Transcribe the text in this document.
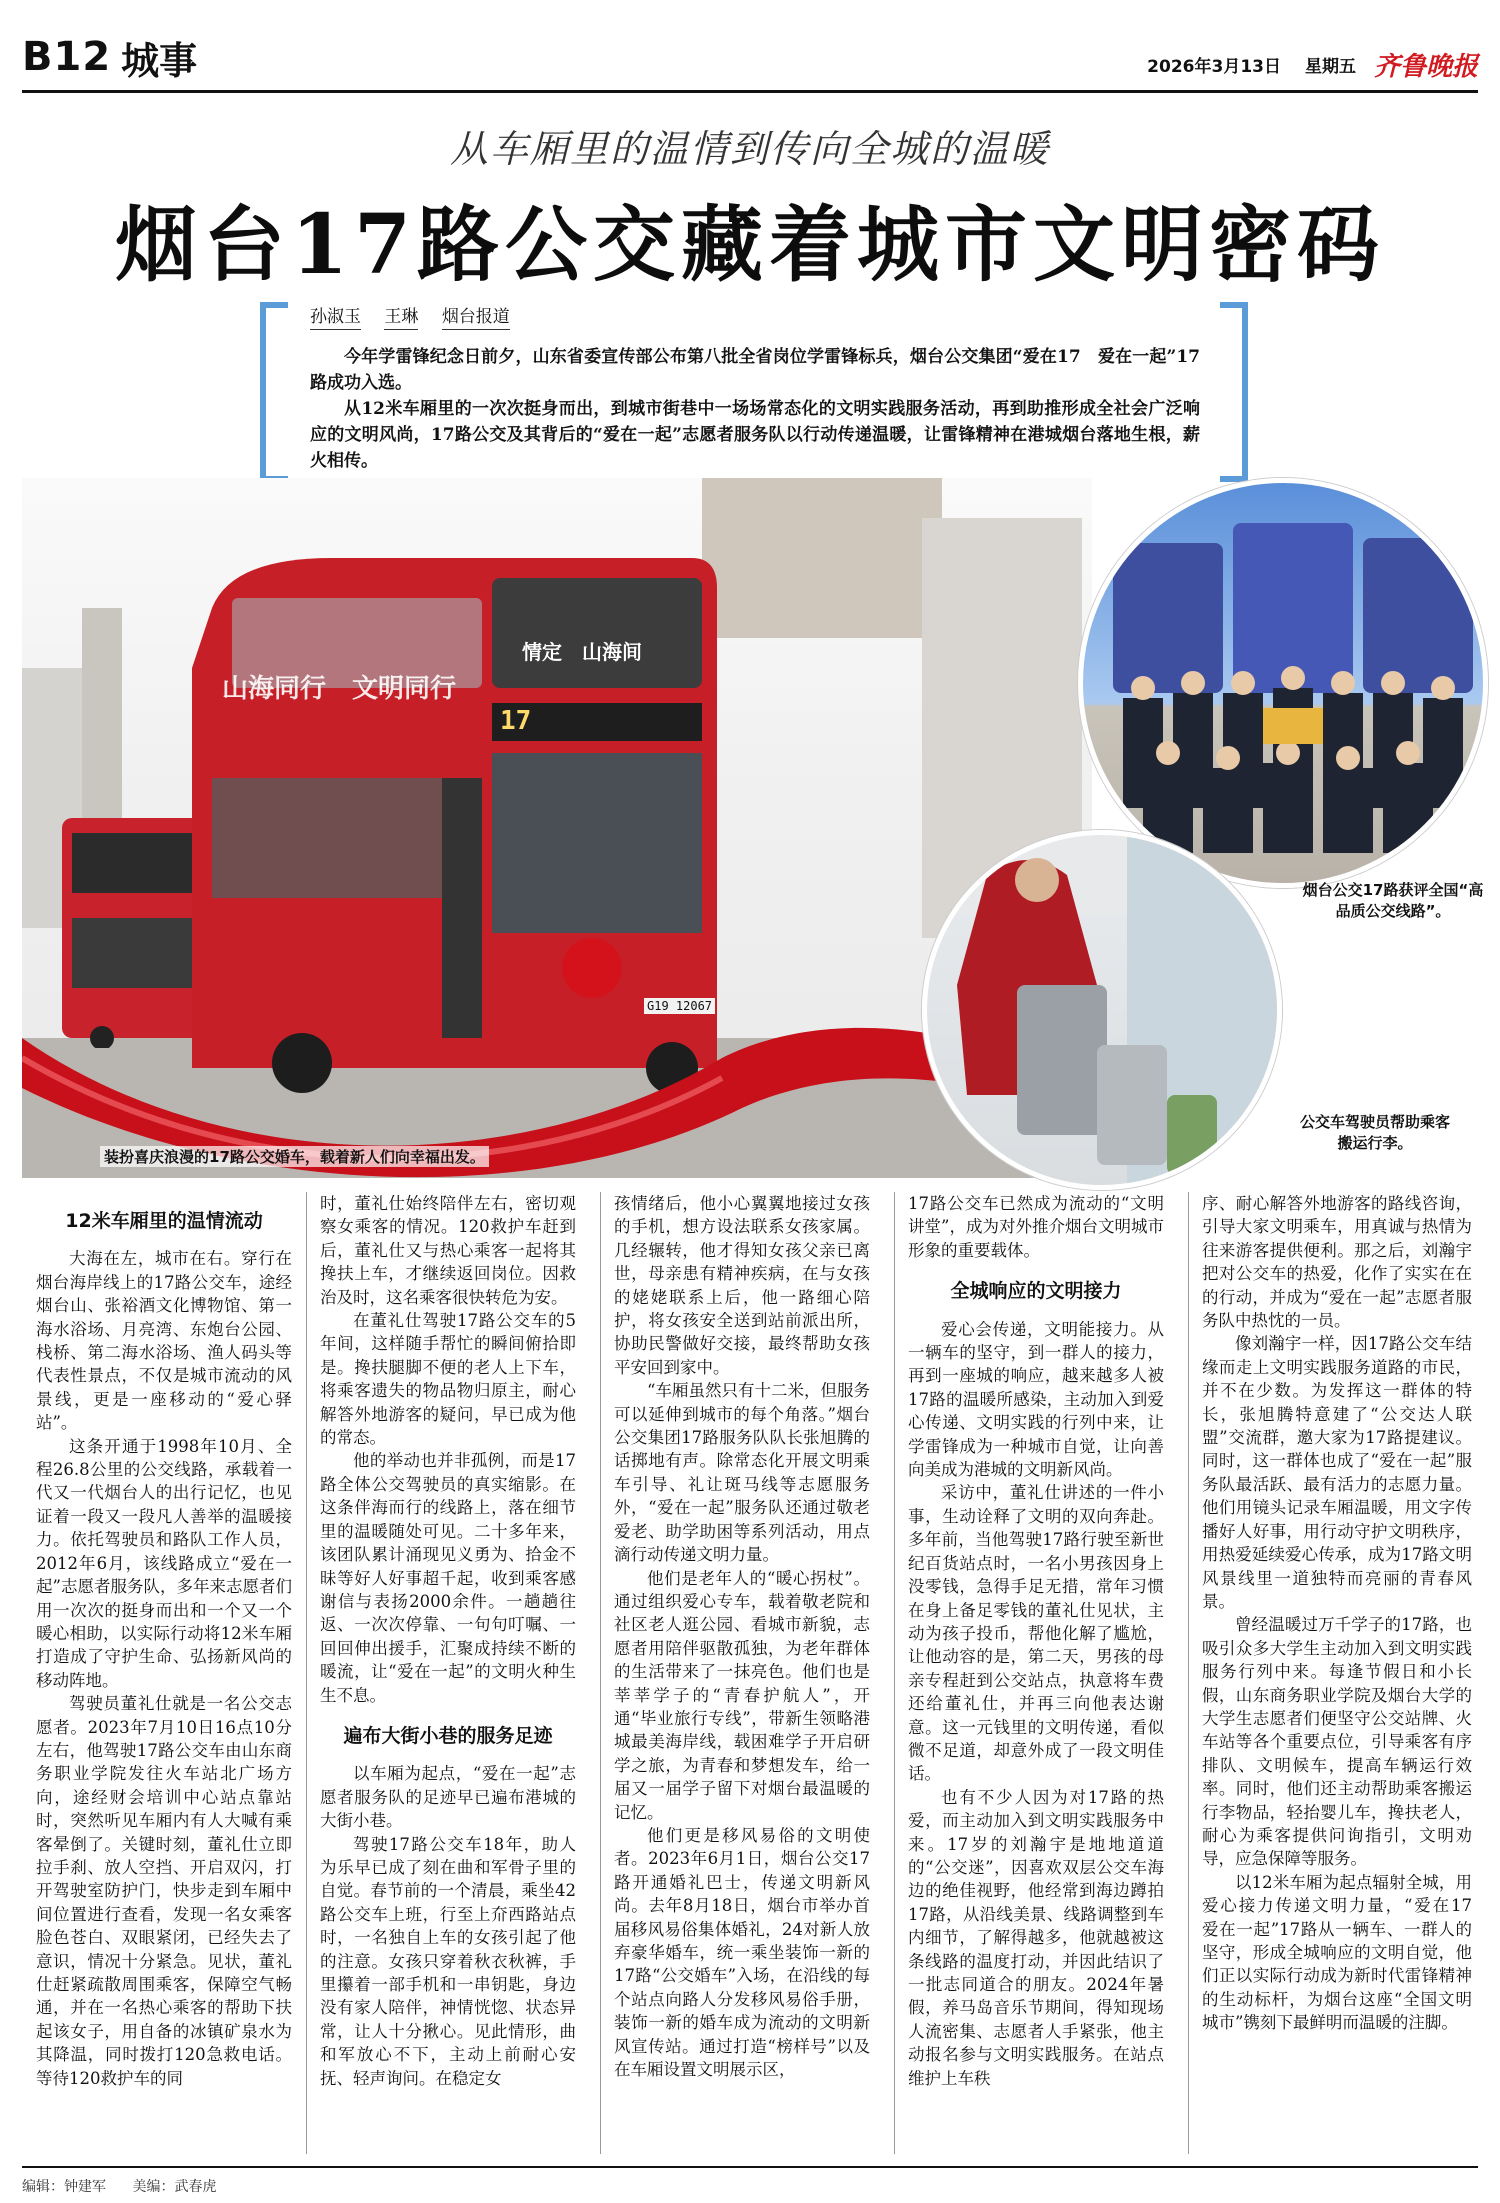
B12 城事	2026年3月13日 星期五 齐鲁晚报
从车厢里的温情到传向全城的温暖
烟台17路公交藏着城市文明密码
孙淑玉 王琳 烟台报道

今年学雷锋纪念日前夕，山东省委宣传部公布第八批全省岗位学雷锋标兵，烟台公交集团“爱在17　爱在一起”17路成功入选。

从12米车厢里的一次次挺身而出，到城市街巷中一场场常态化的文明实践服务活动，再到助推形成全社会广泛响应的文明风尚，17路公交及其背后的“爱在一起”志愿者服务队以行动传递温暖，让雷锋精神在港城烟台落地生根，薪火相传。

情定　山海间
17
山海同行　文明同行
G19 12067
装扮喜庆浪漫的17路公交婚车，载着新人们向幸福出发。
烟台公交17路获评全国“高品质公交线路”。
公交车驾驶员帮助乘客搬运行李。
12米车厢里的温情流动

大海在左，城市在右。穿行在烟台海岸线上的17路公交车，途经烟台山、张裕酒文化博物馆、第一海水浴场、月亮湾、东炮台公园、栈桥、第二海水浴场、渔人码头等代表性景点，不仅是城市流动的风景线，更是一座移动的“爱心驿站”。

这条开通于1998年10月、全程26.8公里的公交线路，承载着一代又一代烟台人的出行记忆，也见证着一段又一段凡人善举的温暖接力。依托驾驶员和路队工作人员，2012年6月，该线路成立“爱在一起”志愿者服务队，多年来志愿者们用一次次的挺身而出和一个又一个暖心相助，以实际行动将12米车厢打造成了守护生命、弘扬新风尚的移动阵地。

驾驶员董礼仕就是一名公交志愿者。2023年7月10日16点10分左右，他驾驶17路公交车由山东商务职业学院发往火车站北广场方向，途经财会培训中心站点靠站时，突然听见车厢内有人大喊有乘客晕倒了。关键时刻，董礼仕立即拉手刹、放人空挡、开启双闪，打开驾驶室防护门，快步走到车厢中间位置进行查看，发现一名女乘客脸色苍白、双眼紧闭，已经失去了意识，情况十分紧急。见状，董礼仕赶紧疏散周围乘客，保障空气畅通，并在一名热心乘客的帮助下扶起该女子，用自备的冰镇矿泉水为其降温，同时拨打120急救电话。等待120救护车的同

时，董礼仕始终陪伴左右，密切观察女乘客的情况。120救护车赶到后，董礼仕又与热心乘客一起将其搀扶上车，才继续返回岗位。因救治及时，这名乘客很快转危为安。

在董礼仕驾驶17路公交车的5年间，这样随手帮忙的瞬间俯拾即是。搀扶腿脚不便的老人上下车，将乘客遗失的物品物归原主，耐心解答外地游客的疑问，早已成为他的常态。

他的举动也并非孤例，而是17路全体公交驾驶员的真实缩影。在这条伴海而行的线路上，落在细节里的温暖随处可见。二十多年来，该团队累计涌现见义勇为、拾金不昧等好人好事超千起，收到乘客感谢信与表扬2000余件。一趟趟往返、一次次停靠、一句句叮嘱、一回回伸出援手，汇聚成持续不断的暖流，让“爱在一起”的文明火种生生不息。

遍布大街小巷的服务足迹

以车厢为起点，“爱在一起”志愿者服务队的足迹早已遍布港城的大街小巷。

驾驶17路公交车18年，助人为乐早已成了刻在曲和军骨子里的自觉。春节前的一个清晨，乘坐42路公交车上班，行至上夼西路站点时，一名独自上车的女孩引起了他的注意。女孩只穿着秋衣秋裤，手里攥着一部手机和一串钥匙，身边没有家人陪伴，神情恍惚、状态异常，让人十分揪心。见此情形，曲和军放心不下，主动上前耐心安抚、轻声询问。在稳定女

孩情绪后，他小心翼翼地接过女孩的手机，想方设法联系女孩家属。几经辗转，他才得知女孩父亲已离世，母亲患有精神疾病，在与女孩的姥姥联系上后，他一路细心陪护，将女孩安全送到站前派出所，协助民警做好交接，最终帮助女孩平安回到家中。

“车厢虽然只有十二米，但服务可以延伸到城市的每个角落。”烟台公交集团17路服务队队长张旭腾的话掷地有声。除常态化开展文明乘车引导、礼让斑马线等志愿服务外，“爱在一起”服务队还通过敬老爱老、助学助困等系列活动，用点滴行动传递文明力量。

他们是老年人的“暖心拐杖”。通过组织爱心专车，载着敬老院和社区老人逛公园、看城市新貌，志愿者用陪伴驱散孤独，为老年群体的生活带来了一抹亮色。他们也是莘莘学子的“青春护航人”，开通“毕业旅行专线”，带新生领略港城最美海岸线，载困难学子开启研学之旅，为青春和梦想发车，给一届又一届学子留下对烟台最温暖的记忆。

他们更是移风易俗的文明使者。2023年6月1日，烟台公交17路开通婚礼巴士，传递文明新风尚。去年8月18日，烟台市举办首届移风易俗集体婚礼，24对新人放弃豪华婚车，统一乘坐装饰一新的17路“公交婚车”入场，在沿线的每个站点向路人分发移风易俗手册，装饰一新的婚车成为流动的文明新风宣传站。通过打造“榜样号”以及在车厢设置文明展示区，

17路公交车已然成为流动的“文明讲堂”，成为对外推介烟台文明城市形象的重要载体。

全城响应的文明接力

爱心会传递，文明能接力。从一辆车的坚守，到一群人的接力，再到一座城的响应，越来越多人被17路的温暖所感染，主动加入到爱心传递、文明实践的行列中来，让学雷锋成为一种城市自觉，让向善向美成为港城的文明新风尚。

采访中，董礼仕讲述的一件小事，生动诠释了文明的双向奔赴。多年前，当他驾驶17路行驶至新世纪百货站点时，一名小男孩因身上没零钱，急得手足无措，常年习惯在身上备足零钱的董礼仕见状，主动为孩子投币，帮他化解了尴尬，让他动容的是，第二天，男孩的母亲专程赶到公交站点，执意将车费还给董礼仕，并再三向他表达谢意。这一元钱里的文明传递，看似微不足道，却意外成了一段文明佳话。

也有不少人因为对17路的热爱，而主动加入到文明实践服务中来。17岁的刘瀚宇是地地道道的“公交迷”，因喜欢双层公交车海边的绝佳视野，他经常到海边蹲拍17路，从沿线美景、线路调整到车内细节，了解得越多，他就越被这条线路的温度打动，并因此结识了一批志同道合的朋友。2024年暑假，养马岛音乐节期间，得知现场人流密集、志愿者人手紧张，他主动报名参与文明实践服务。在站点维护上车秩

序、耐心解答外地游客的路线咨询，引导大家文明乘车，用真诚与热情为往来游客提供便利。那之后，刘瀚宇把对公交车的热爱，化作了实实在在的行动，并成为“爱在一起”志愿者服务队中热忱的一员。

像刘瀚宇一样，因17路公交车结缘而走上文明实践服务道路的市民，并不在少数。为发挥这一群体的特长，张旭腾特意建了“公交达人联盟”交流群，邀大家为17路提建议。同时，这一群体也成了“爱在一起”服务队最活跃、最有活力的志愿力量。他们用镜头记录车厢温暖，用文字传播好人好事，用行动守护文明秩序，用热爱延续爱心传承，成为17路文明风景线里一道独特而亮丽的青春风景。

曾经温暖过万千学子的17路，也吸引众多大学生主动加入到文明实践服务行列中来。每逢节假日和小长假，山东商务职业学院及烟台大学的大学生志愿者们便坚守公交站牌、火车站等各个重要点位，引导乘客有序排队、文明候车，提高车辆运行效率。同时，他们还主动帮助乘客搬运行李物品，轻抬婴儿车，搀扶老人，耐心为乘客提供问询指引，文明劝导，应急保障等服务。

以12米车厢为起点辐射全城，用爱心接力传递文明力量，“爱在17　爱在一起”17路从一辆车、一群人的坚守，形成全城响应的文明自觉，他们正以实际行动成为新时代雷锋精神的生动标杆，为烟台这座“全国文明城市”镌刻下最鲜明而温暖的注脚。

编辑：钟建军 美编：武春虎
